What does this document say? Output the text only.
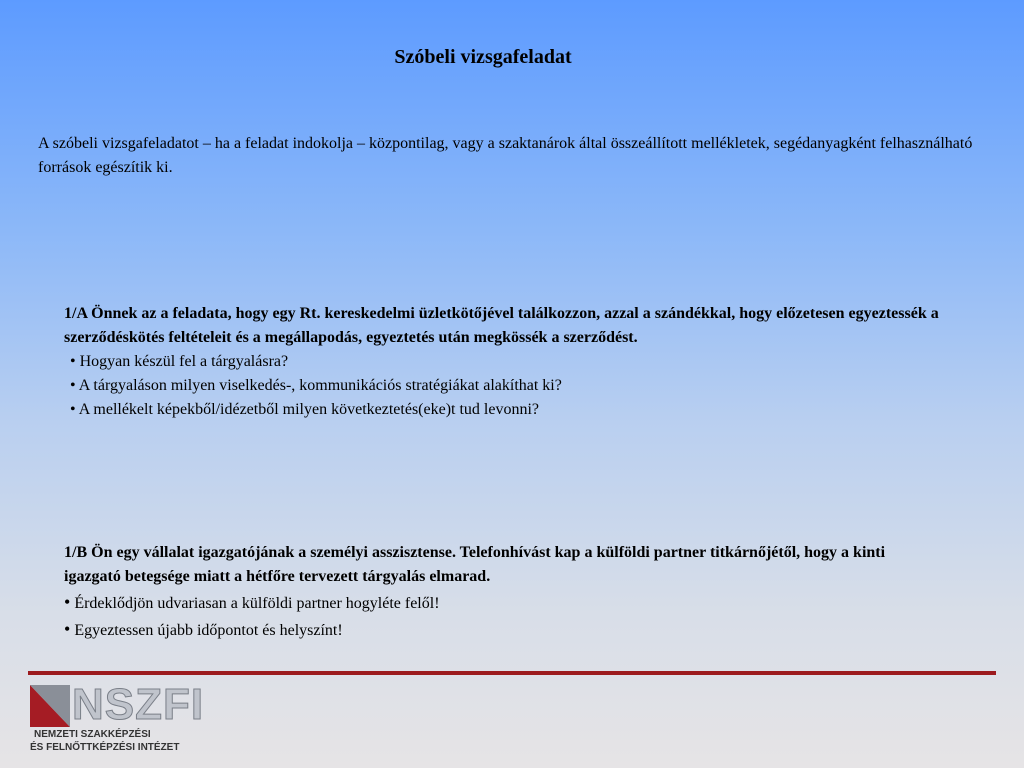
Szóbeli vizsgafeladat
A szóbeli vizsgafeladatot – ha a feladat indokolja – központilag, vagy a szaktanárok által összeállított mellékletek, segédanyagként felhasználható források egészítik ki.
1/A Önnek az a feladata, hogy egy Rt. kereskedelmi üzletkötőjével találkozzon, azzal a szándékkal, hogy előzetesen egyeztessék a szerződéskötés feltételeit és a megállapodás, egyeztetés után megkössék a szerződést.
• Hogyan készül fel a tárgyalásra?
• A tárgyaláson milyen viselkedés-, kommunikációs stratégiákat alakíthat ki?
• A mellékelt képekből/idézetből milyen következtetés(eke)t tud levonni?
1/B Ön egy vállalat igazgatójának a személyi asszisztense. Telefonhívást kap a külföldi partner titkárnőjétől, hogy a kinti igazgató betegsége miatt a hétfőre tervezett tárgyalás elmarad.
• Érdeklődjön udvariasan a külföldi partner hogyléte felől!
• Egyeztessen újabb időpontot és helyszínt!
NSZFI
NEMZETI SZAKKÉPZÉSI
ÉS FELNŐTTKÉPZÉSI INTÉZET
